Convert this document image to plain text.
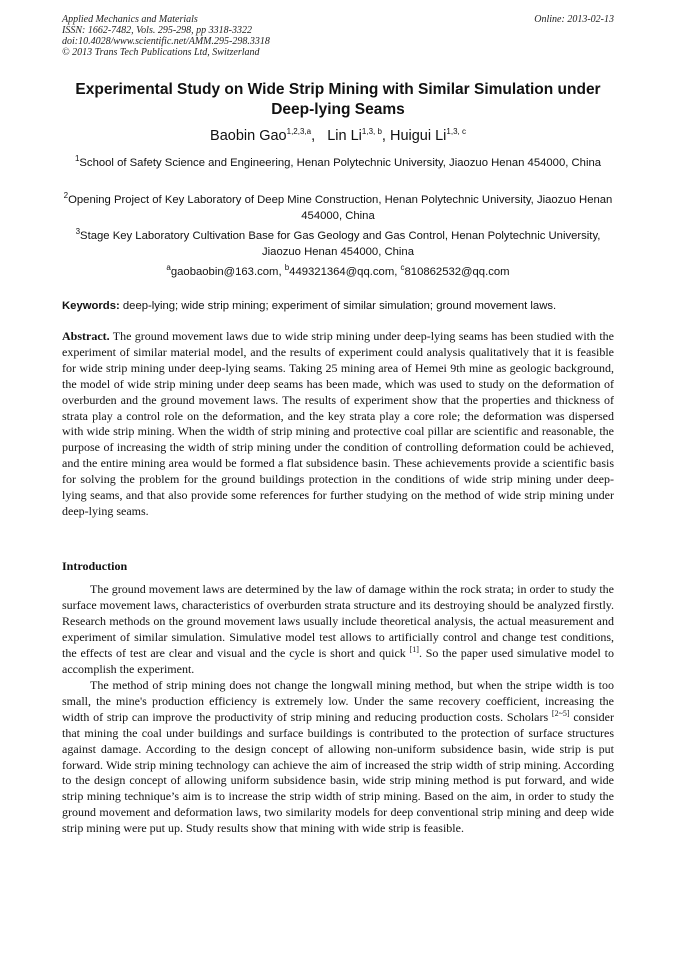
Applied Mechanics and Materials
ISSN: 1662-7482, Vols. 295-298, pp 3318-3322
doi:10.4028/www.scientific.net/AMM.295-298.3318
© 2013 Trans Tech Publications Ltd, Switzerland
Online: 2013-02-13
Experimental Study on Wide Strip Mining with Similar Simulation under Deep-lying Seams
Baobin Gao$^{1,2,3,a}$,   Lin Li$^{1,3, b}$, Huigui Li$^{1,3, c}$
$^1$School of Safety Science and Engineering, Henan Polytechnic University, Jiaozuo Henan 454000, China
$^2$Opening Project of Key Laboratory of Deep Mine Construction, Henan Polytechnic University, Jiaozuo Henan 454000, China
$^3$Stage Key Laboratory Cultivation Base for Gas Geology and Gas Control, Henan Polytechnic University, Jiaozuo Henan 454000, China
$^a$gaobaobin@163.com, $^b$449321364@qq.com, $^c$810862532@qq.com
Keywords: deep-lying; wide strip mining; experiment of similar simulation; ground movement laws.
Abstract. The ground movement laws due to wide strip mining under deep-lying seams has been studied with the experiment of similar material model, and the results of experiment could analysis qualitatively that it is feasible for wide strip mining under deep-lying seams. Taking 25 mining area of Hemei 9th mine as geologic background, the model of wide strip mining under deep seams has been made, which was used to study on the deformation of overburden and the ground movement laws. The results of experiment show that the properties and thickness of strata play a control role on the deformation, and the key strata play a core role; the deformation was dispersed with wide strip mining. When the width of strip mining and protective coal pillar are scientific and reasonable, the purpose of increasing the width of strip mining under the condition of controlling deformation could be achieved, and the entire mining area would be formed a flat subsidence basin. These achievements provide a scientific basis for solving the problem for the ground buildings protection in the conditions of wide strip mining under deep-lying seams, and that also provide some references for further studying on the method of wide strip mining under deep-lying seams.
Introduction
The ground movement laws are determined by the law of damage within the rock strata; in order to study the surface movement laws, characteristics of overburden strata structure and its destroying should be analyzed firstly. Research methods on the ground movement laws usually include theoretical analysis, the actual measurement and experiment of similar simulation. Simulative model test allows to artificially control and change test conditions, the effects of test are clear and visual and the cycle is short and quick [1]. So the paper used simulative model to accomplish the experiment.
The method of strip mining does not change the longwall mining method, but when the stripe width is too small, the mine's production efficiency is extremely low. Under the same recovery coefficient, increasing the width of strip can improve the productivity of strip mining and reducing production costs. Scholars [2~5] consider that mining the coal under buildings and surface buildings is contributed to the protection of surface structures against damage. According to the design concept of allowing non-uniform subsidence basin, wide strip is put forward. Wide strip mining technology can achieve the aim of increased the strip width of strip mining. According to the design concept of allowing uniform subsidence basin, wide strip mining method is put forward, and wide strip mining technique’s aim is to increase the strip width of strip mining. Based on the aim, in order to study the ground movement and deformation laws, two similarity models for deep conventional strip mining and deep wide strip mining were put up. Study results show that mining with wide strip is feasible.
